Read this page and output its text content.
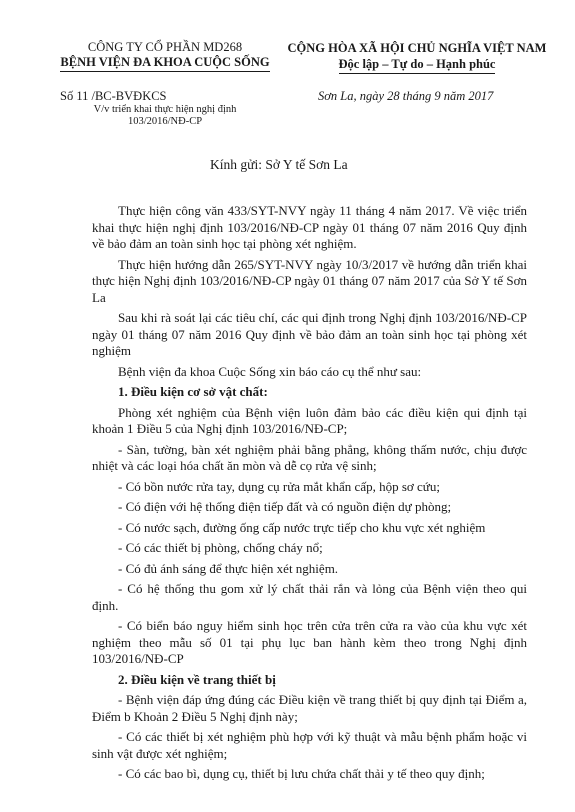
CÔNG TY CỔ PHẦN MD268
BỆNH VIỆN ĐA KHOA CUỘC SỐNG
CỘNG HÒA XÃ HỘI CHỦ NGHĨA VIỆT NAM
Độc lập – Tự do – Hạnh phúc
Số 11 /BC-BVĐKCS
V/v triển khai thực hiện nghị định
103/2016/NĐ-CP
Sơn La, ngày 28 tháng 9 năm 2017
Kính gửi: Sở Y tế Sơn La

Thực hiện công văn 433/SYT-NVY ngày 11 tháng 4 năm 2017. Về việc triển khai thực hiện nghị định 103/2016/NĐ-CP ngày 01 tháng 07 năm 2016 Quy định về bảo đảm an toàn sinh học tại phòng xét nghiệm.

Thực hiện hướng dẫn 265/SYT-NVY ngày 10/3/2017 về hướng dẫn triển khai thực hiện Nghị định 103/2016/NĐ-CP ngày 01 tháng 07 năm 2017 của Sở Y tế Sơn La

Sau khi rà soát lại các tiêu chí, các qui định trong Nghị định 103/2016/NĐ-CP ngày 01 tháng 07 năm 2016 Quy định về bảo đảm an toàn sinh học tại phòng xét nghiệm

Bệnh viện đa khoa Cuộc Sống xin báo cáo cụ thể như sau:

1. Điều kiện cơ sở vật chất:

Phòng xét nghiệm của Bệnh viện luôn đảm bảo các điều kiện qui định tại khoản 1 Điều 5 của Nghị định 103/2016/NĐ-CP;

- Sàn, tường, bàn xét nghiệm phải bằng phẳng, không thấm nước, chịu được nhiệt và các loại hóa chất ăn mòn và dễ cọ rửa vệ sinh;

- Có bồn nước rửa tay, dụng cụ rửa mắt khẩn cấp, hộp sơ cứu;

- Có điện với hệ thống điện tiếp đất và có nguồn điện dự phòng;

- Có nước sạch, đường ống cấp nước trực tiếp cho khu vực xét nghiệm

- Có các thiết bị phòng, chống cháy nổ;

- Có đủ ánh sáng để thực hiện xét nghiệm.

- Có hệ thống thu gom xử lý chất thải rắn và lỏng của Bệnh viện theo qui định.

- Có biển báo nguy hiểm sinh học trên cửa trên cửa ra vào của khu vực xét nghiệm theo mẫu số 01 tại phụ lục ban hành kèm theo trong Nghị định 103/2016/NĐ-CP

2. Điều kiện về trang thiết bị

- Bệnh viện đáp ứng đúng các Điều kiện về trang thiết bị quy định tại Điểm a, Điểm b Khoản 2 Điều 5 Nghị định này;

- Có các thiết bị xét nghiệm phù hợp với kỹ thuật và mẫu bệnh phẩm hoặc vi sinh vật được xét nghiệm;

- Có các bao bì, dụng cụ, thiết bị lưu chứa chất thải y tế theo quy định;
